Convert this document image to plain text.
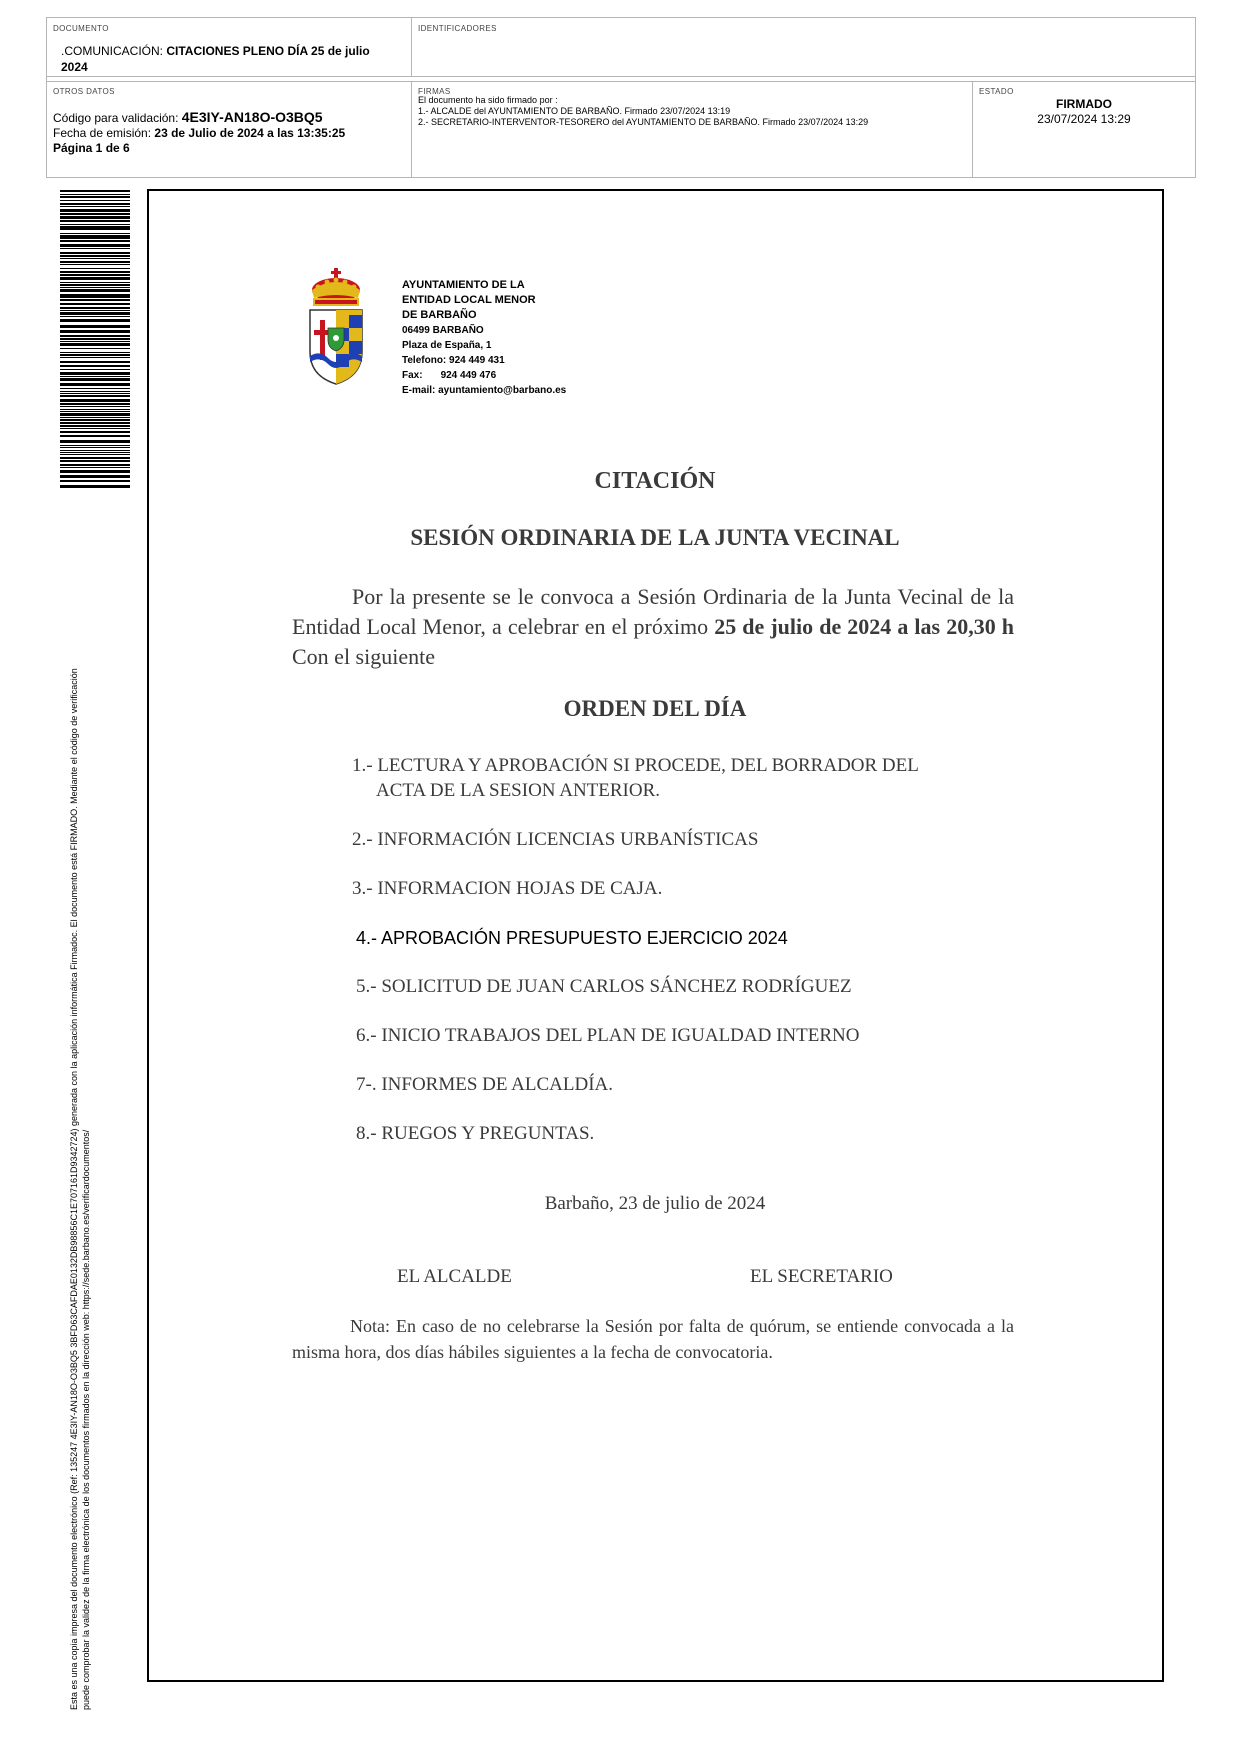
DOCUMENTO
.COMUNICACIÓN: CITACIONES PLENO DÍA 25 de julio 2024
IDENTIFICADORES
OTROS DATOS
Código para validación: 4E3IY-AN18O-O3BQ5
Fecha de emisión: 23 de Julio de 2024 a las 13:35:25
Página 1 de 6
FIRMAS
El documento ha sido firmado por :
1.- ALCALDE del AYUNTAMIENTO DE BARBAÑO. Firmado 23/07/2024 13:19
2.- SECRETARIO-INTERVENTOR-TESORERO del AYUNTAMIENTO DE BARBAÑO. Firmado 23/07/2024 13:29
ESTADO
FIRMADO
23/07/2024 13:29
Esta es una copia impresa del documento electrónico (Ref: 135247 4E3IY-AN18O-O3BQ5 3BFD63CAFDAE0132DB98856C1E707161D9342724) generada con la aplicación informática Firmadoc. El documento está FIRMADO. Mediante el código de verificación puede comprobar la validez de la firma electrónica de los documentos firmados en la dirección web: https://sede.barbano.es/verificardocumentos/
AYUNTAMIENTO DE LA
ENTIDAD LOCAL MENOR
DE BARBAÑO
06499 BARBAÑO
Plaza de España, 1
Telefono: 924 449 431
Fax: 924 449 476
E-mail: ayuntamiento@barbano.es
CITACIÓN
SESIÓN ORDINARIA DE LA JUNTA VECINAL
Por la presente se le convoca a Sesión Ordinaria de la Junta Vecinal de la Entidad Local Menor, a celebrar en el próximo 25 de julio de 2024 a las 20,30 h Con el siguiente
ORDEN DEL DÍA
1.- LECTURA Y APROBACIÓN SI PROCEDE, DEL BORRADOR DEL
ACTA DE LA SESION ANTERIOR.
2.- INFORMACIÓN LICENCIAS URBANÍSTICAS
3.- INFORMACION HOJAS DE CAJA.
4.- APROBACIÓN PRESUPUESTO EJERCICIO 2024
5.- SOLICITUD DE JUAN CARLOS SÁNCHEZ RODRÍGUEZ
6.- INICIO TRABAJOS DEL PLAN DE IGUALDAD INTERNO
7-. INFORMES DE ALCALDÍA.
8.- RUEGOS Y PREGUNTAS.
Barbaño, 23 de julio de 2024
EL ALCALDE	EL SECRETARIO
Nota: En caso de no celebrarse la Sesión por falta de quórum, se entiende convocada a la misma hora, dos días hábiles siguientes a la fecha de convocatoria.
